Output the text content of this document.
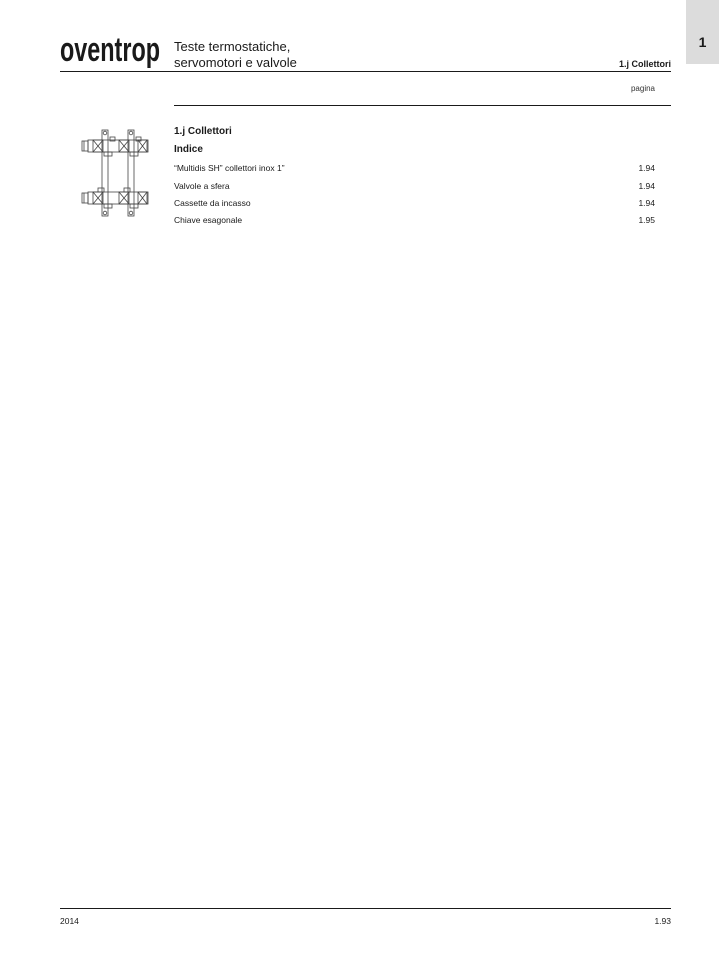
oventrop Teste termostatiche,
servomotori e valvole	1.j Collettori
1
pagina
1.j Collettori
Indice
“Multidis SH” collettori inox 1”	1.94
Valvole a sfera	1.94
Cassette da incasso	1.94
Chiave esagonale	1.95
2014	1.93
